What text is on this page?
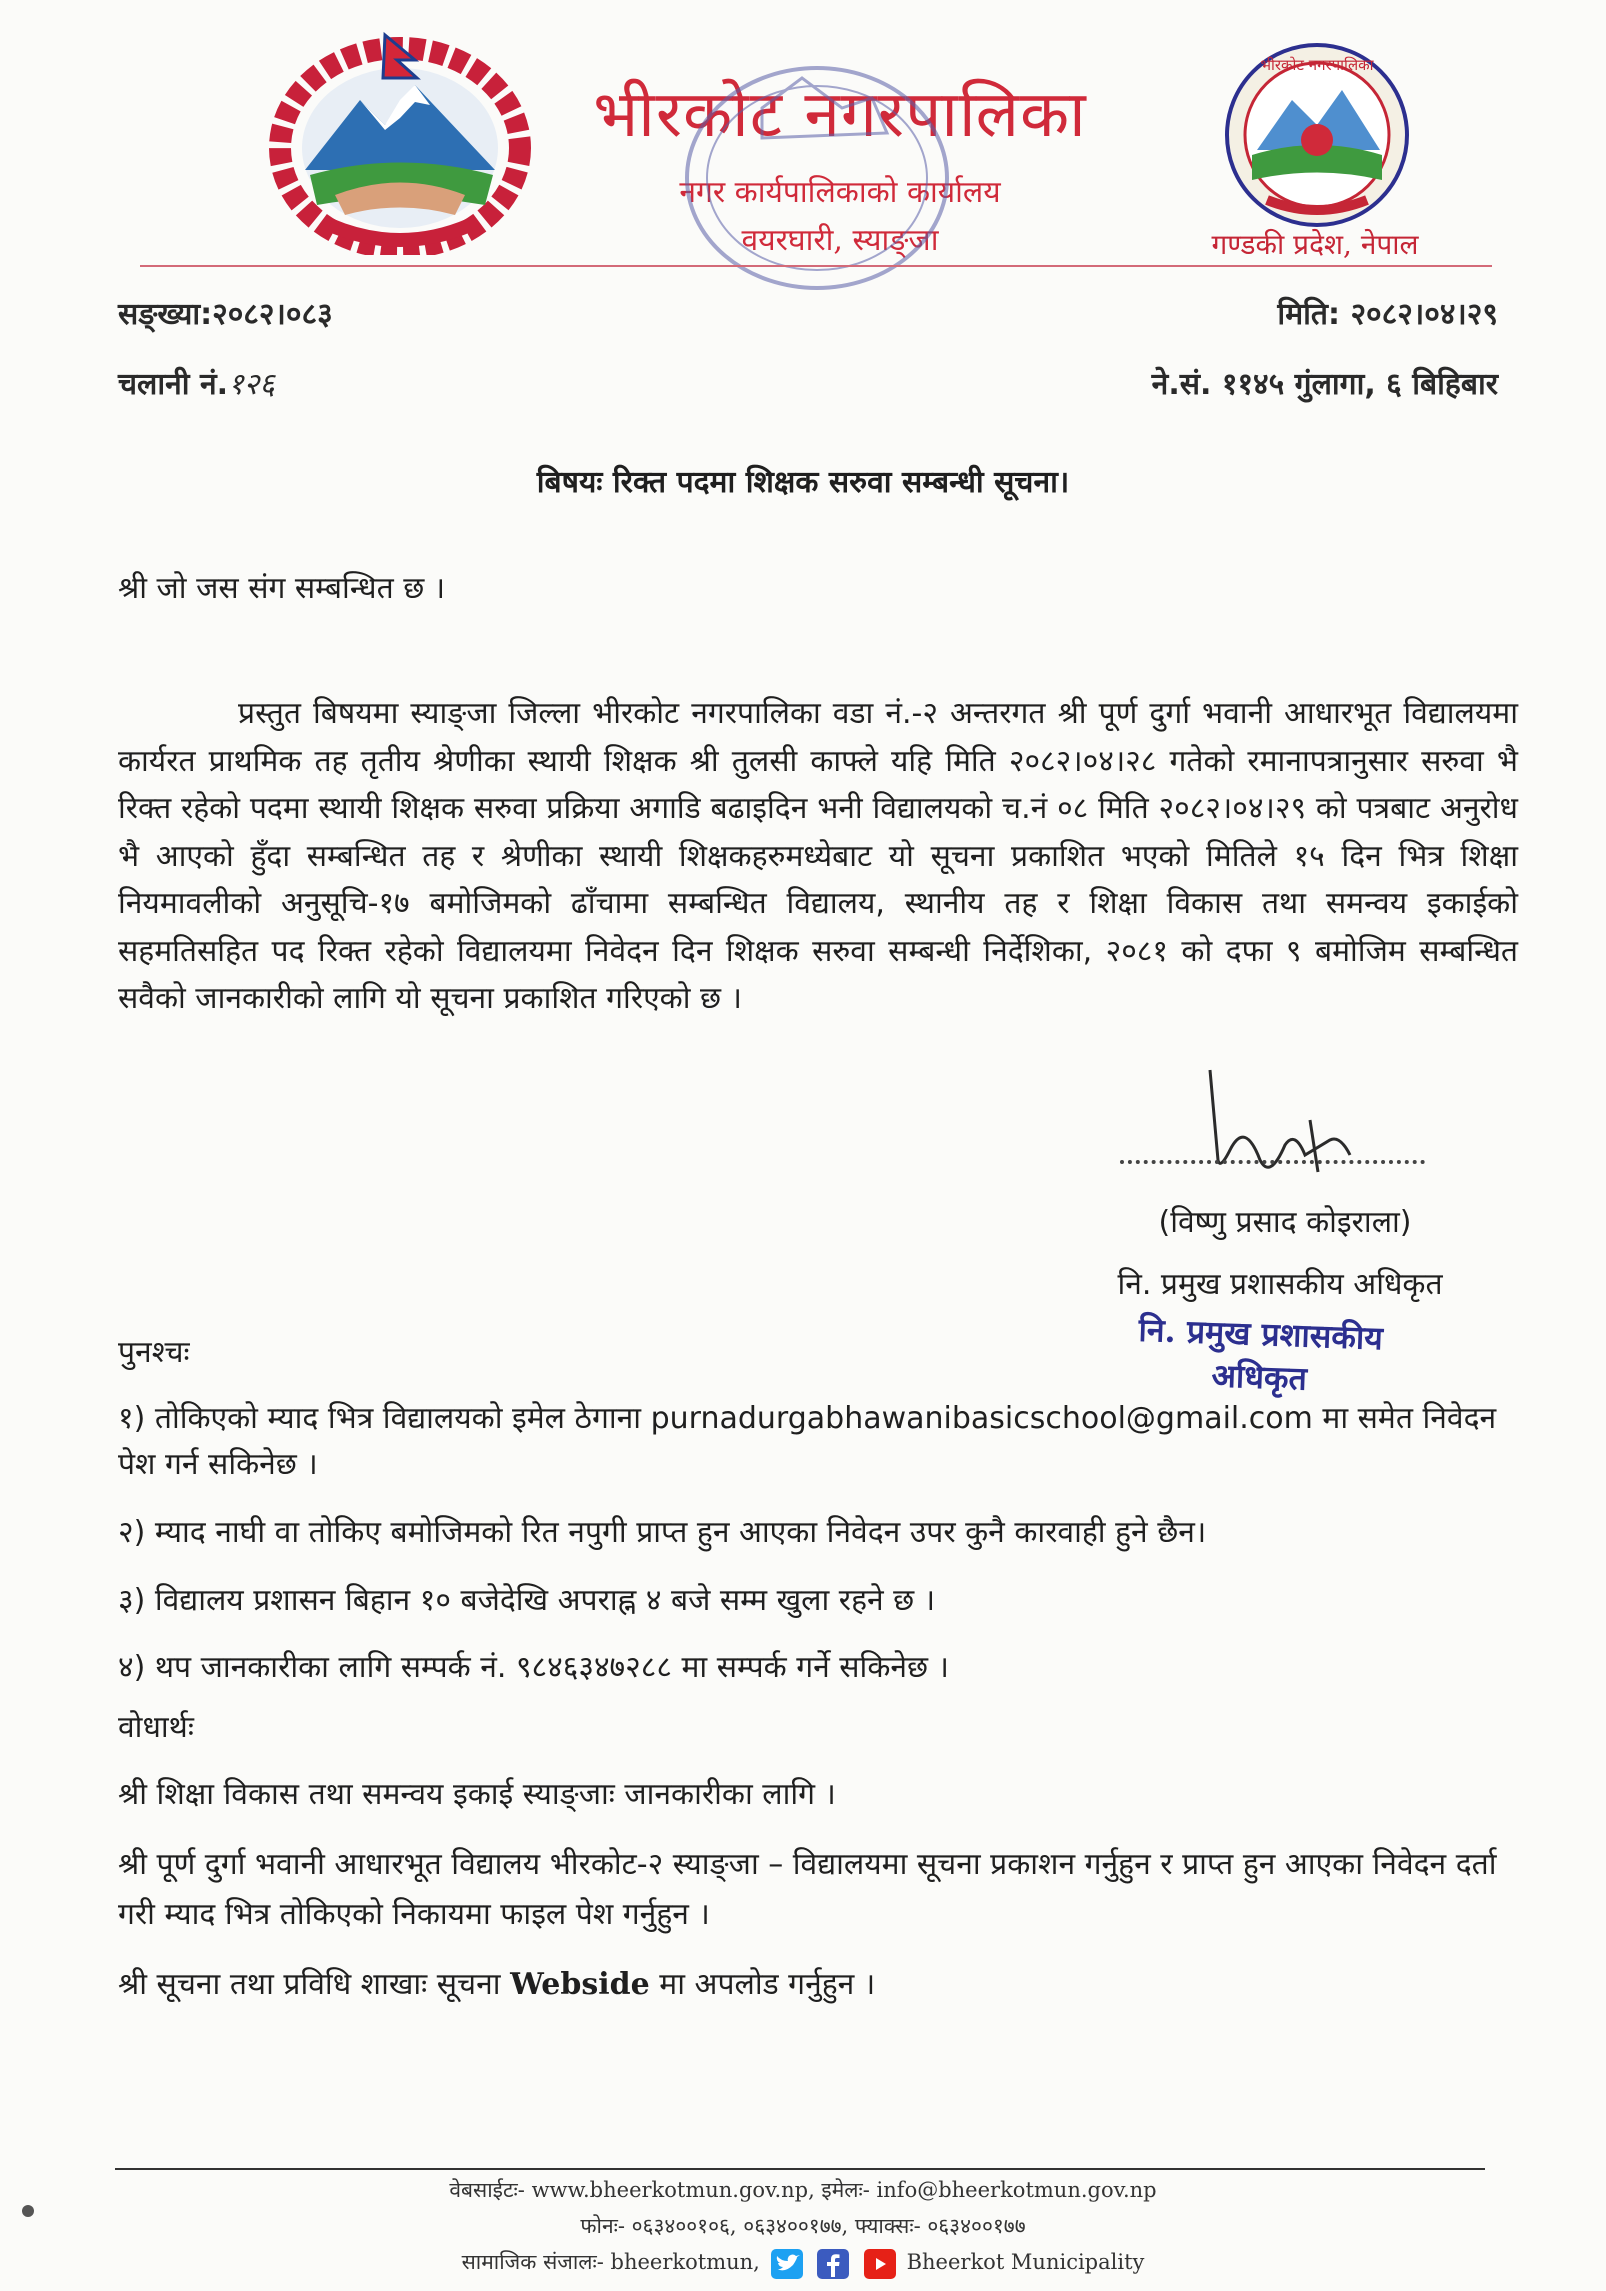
भीरकोट नगरपालिका
नगर कार्यपालिकाको कार्यालय
वयरघारी, स्याङ्जा
भीरकोट नगरपालिका
गण्डकी प्रदेश, नेपाल
सङ्ख्या:२०८२।०८३	मिति: २०८२।०४।२९
चलानी नं.१२६	ने.सं. ११४५ गुंलागा, ६ बिहिबार
बिषयः रिक्त पदमा शिक्षक सरुवा सम्बन्धी सूचना।
श्री जो जस संग सम्बन्धित छ ।
प्रस्तुत बिषयमा स्याङ्जा जिल्ला भीरकोट नगरपालिका वडा नं.-२ अन्तरगत श्री पूर्ण दुर्गा भवानी आधारभूत विद्यालयमा कार्यरत प्राथमिक तह तृतीय श्रेणीका स्थायी शिक्षक श्री तुलसी काफ्ले यहि मिति २०८२।०४।२८ गतेको रमानापत्रानुसार सरुवा भै रिक्त रहेको पदमा स्थायी शिक्षक सरुवा प्रक्रिया अगाडि बढाइदिन भनी विद्यालयको च.नं ०८ मिति २०८२।०४।२९ को पत्रबाट अनुरोध भै आएको हुँदा सम्बन्धित तह र श्रेणीका स्थायी शिक्षकहरुमध्येबाट यो सूचना प्रकाशित भएको मितिले १५ दिन भित्र शिक्षा नियमावलीको अनुसूचि-१७ बमोजिमको ढाँचामा सम्बन्धित विद्यालय, स्थानीय तह र शिक्षा विकास तथा समन्वय इकाईको सहमतिसहित पद रिक्त रहेको विद्यालयमा निवेदन दिन शिक्षक सरुवा सम्बन्धी निर्देशिका, २०८१ को दफा ९ बमोजिम सम्बन्धित सवैको जानकारीको लागि यो सूचना प्रकाशित गरिएको छ ।
(विष्णु प्रसाद कोइराला)
नि. प्रमुख प्रशासकीय अधिकृत
नि. प्रमुख प्रशासकीय अधिकृत
पुनश्चः
१) तोकिएको म्याद भित्र विद्यालयको इमेल ठेगाना purnadurgabhawanibasicschool@gmail.com मा समेत निवेदन पेश गर्न सकिनेछ ।
२) म्याद नाघी वा तोकिए बमोजिमको रित नपुगी प्राप्त हुन आएका निवेदन उपर कुनै कारवाही हुने छैन।
३) विद्यालय प्रशासन बिहान १० बजेदेखि अपराह्न ४ बजे सम्म खुला रहने छ ।
४) थप जानकारीका लागि सम्पर्क नं. ९८४६३४७२८८ मा सम्पर्क गर्ने सकिनेछ ।
वोधार्थः
श्री शिक्षा विकास तथा समन्वय इकाई स्याङ्जाः जानकारीका लागि ।
श्री पूर्ण दुर्गा भवानी आधारभूत विद्यालय भीरकोट-२ स्याङ्जा – विद्यालयमा सूचना प्रकाशन गर्नुहुन र प्राप्त हुन आएका निवेदन दर्ता गरी म्याद भित्र तोकिएको निकायमा फाइल पेश गर्नुहुन ।
श्री सूचना तथा प्रविधि शाखाः सूचना Webside मा अपलोड गर्नुहुन ।
वेबसाईटः- www.bheerkotmun.gov.np, इमेलः- info@bheerkotmun.gov.np
फोनः- ०६३४००१०६, ०६३४००१७७, फ्याक्सः- ०६३४००१७७
सामाजिक संजालः- bheerkotmun,	Bheerkot Municipality
